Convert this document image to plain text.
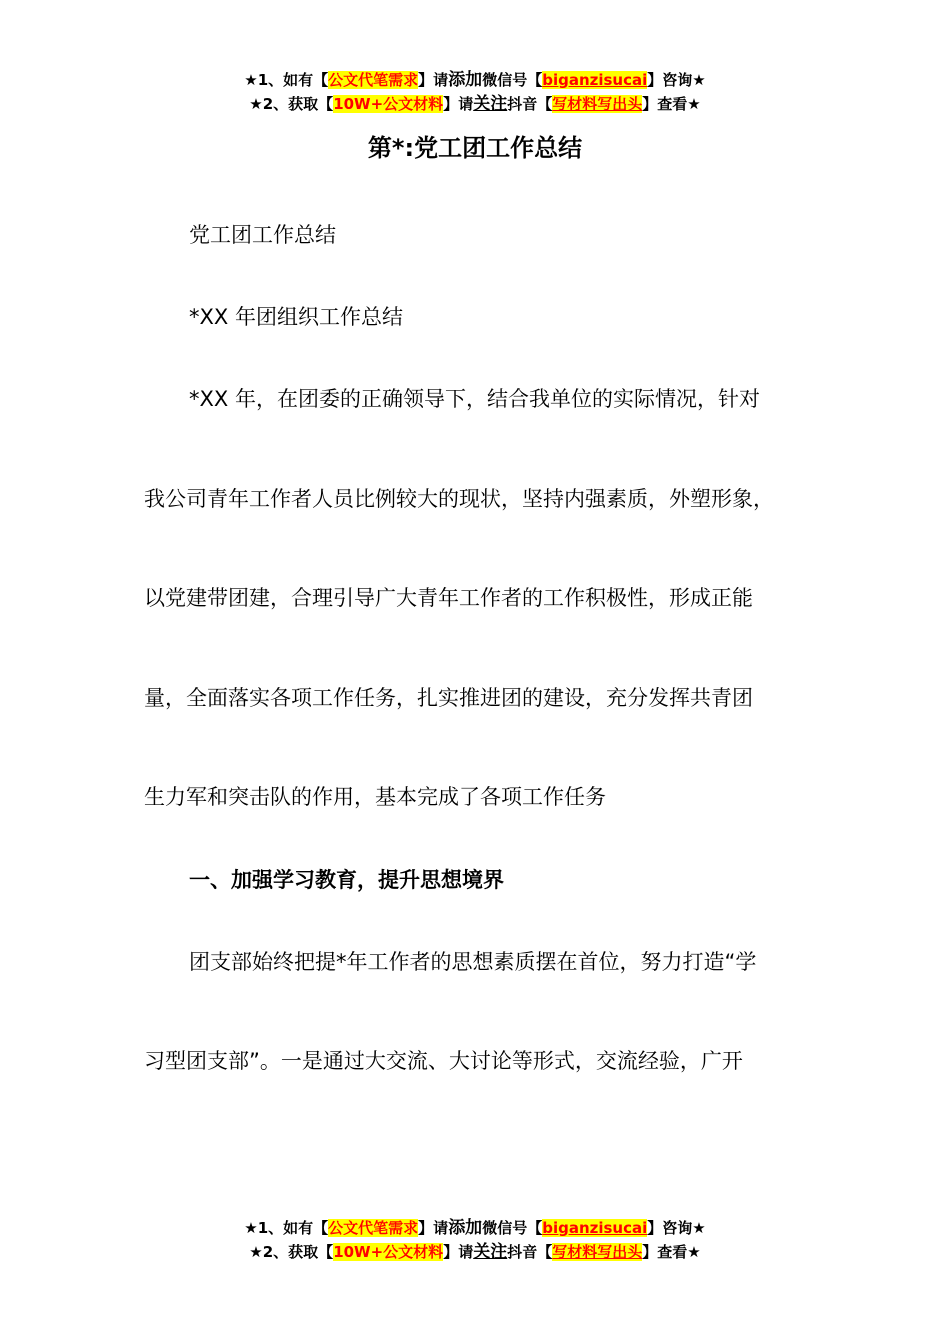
★1、如有【公文代笔需求】请添加微信号【biganzisucai】咨询★
★2、获取【10W+公文材料】请关注抖音【写材料写出头】查看★
第*:党工团工作总结

党工团工作总结

*XX 年团组织工作总结

*XX 年，在团委的正确领导下，结合我单位的实际情况，针对

我公司青年工作者人员比例较大的现状，坚持内强素质，外塑形象，

以党建带团建，合理引导广大青年工作者的工作积极性，形成正能

量，全面落实各项工作任务，扎实推进团的建设，充分发挥共青团

生力军和突击队的作用，基本完成了各项工作任务

一、加强学习教育，提升思想境界

团支部始终把提*年工作者的思想素质摆在首位，努力打造“学

习型团支部”。一是通过大交流、大讨论等形式，交流经验，广开

★1、如有【公文代笔需求】请添加微信号【biganzisucai】咨询★
★2、获取【10W+公文材料】请关注抖音【写材料写出头】查看★
